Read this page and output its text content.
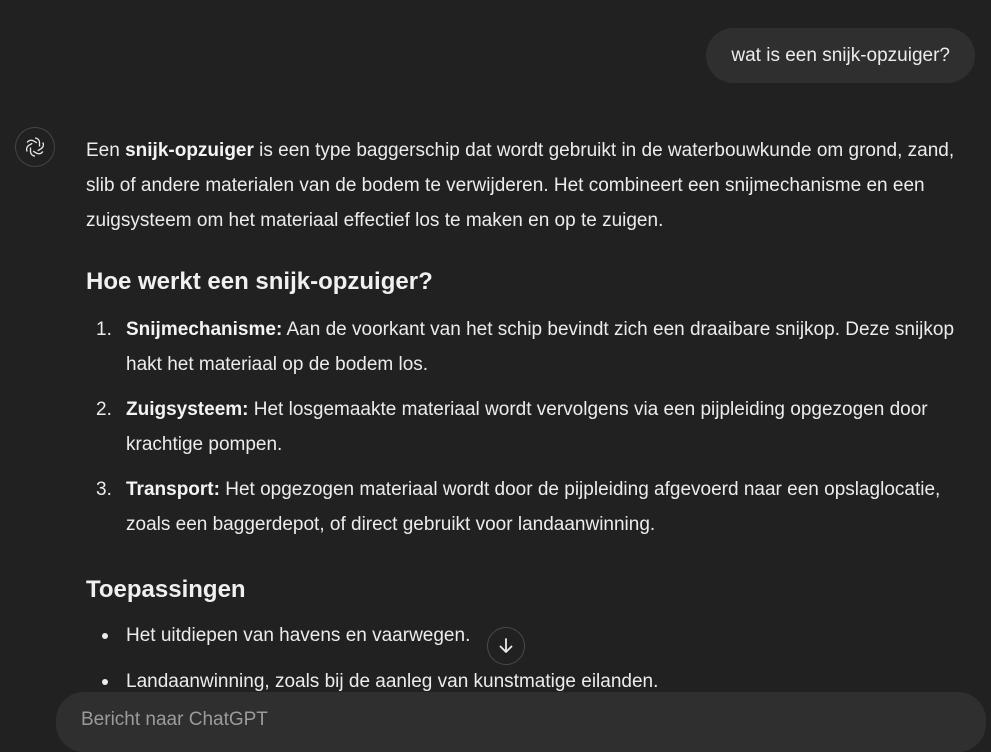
wat is een snijk-opzuiger?

Een snijk-opzuiger is een type baggerschip dat wordt gebruikt in de waterbouwkunde om grond, zand, slib of andere materialen van de bodem te verwijderen. Het combineert een snijmechanisme en een zuigsysteem om het materiaal effectief los te maken en op te zuigen.

Hoe werkt een snijk-opzuiger?
1. Snijmechanisme: Aan de voorkant van het schip bevindt zich een draaibare snijkop. Deze snijkop hakt het materiaal op de bodem los.
2. Zuigsysteem: Het losgemaakte materiaal wordt vervolgens via een pijpleiding opgezogen door krachtige pompen.
3. Transport: Het opgezogen materiaal wordt door de pijpleiding afgevoerd naar een opslaglocatie, zoals een baggerdepot, of direct gebruikt voor landaanwinning.
Toepassingen
Het uitdiepen van havens en vaarwegen.
Landaanwinning, zoals bij de aanleg van kunstmatige eilanden.
Bericht naar ChatGPT
